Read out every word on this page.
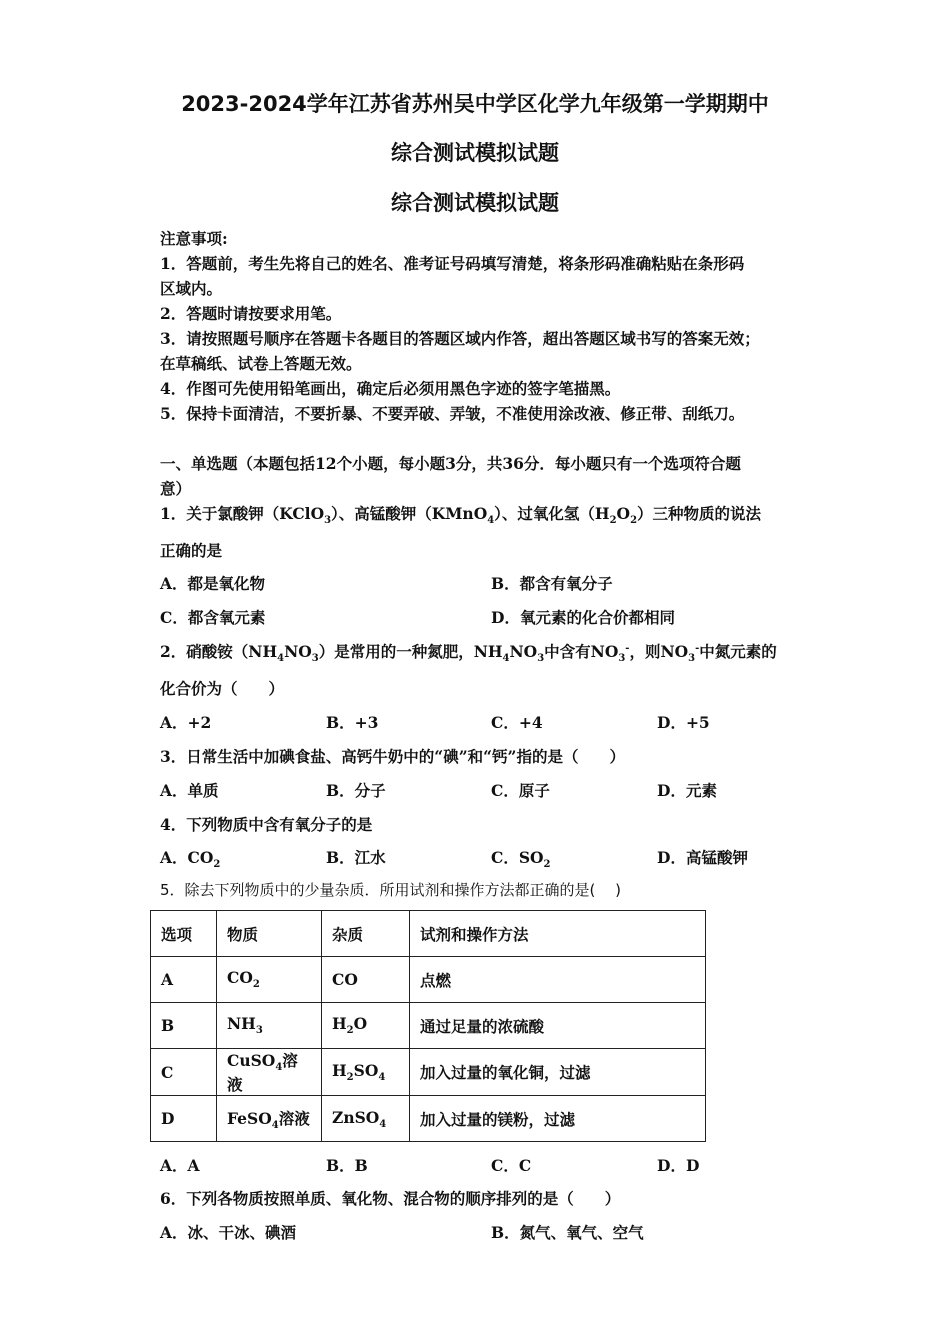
2023-2024学年江苏省苏州吴中学区化学九年级第一学期期中
综合测试模拟试题
综合测试模拟试题
注意事项:
1．答题前，考生先将自己的姓名、准考证号码填写清楚，将条形码准确粘贴在条形码
区域内。
2．答题时请按要求用笔。
3．请按照题号顺序在答题卡各题目的答题区域内作答，超出答题区域书写的答案无效；
在草稿纸、试卷上答题无效。
4．作图可先使用铅笔画出，确定后必须用黑色字迹的签字笔描黑。
5．保持卡面清洁，不要折暴、不要弄破、弄皱，不准使用涂改液、修正带、刮纸刀。
一、单选题（本题包括12个小题，每小题3分，共36分．每小题只有一个选项符合题
意）
1．关于氯酸钾（KClO$_3$）、高锰酸钾（KMnO$_4$）、过氧化氢$(H_2O_2)$三种物质的说法
正确的是
A．都是氧化物	B．都含有氧分子
C．都含氧元素	D．氧元素的化合价都相同
2．硝酸铵$(NH_4NO_3)$是常用的一种氮肥，$NH_4NO_3$中含有$NO_3^-$，则$NO_3^-$中氮元素的
化合价为（　　）
A．+2	B．+3	C．+4	D．+5
3．日常生活中加碘食盐、高钙牛奶中的“碘”和“钙”指的是（　　）
A．单质	B．分子	C．原子	D．元素
4．下列物质中含有氧分子的是
A．$CO_2$	B．江水	C．$SO_2$	D．高锰酸钾
5．除去下列物质中的少量杂质．所用试剂和操作方法都正确的是(　 )
选项	物质	杂质	试剂和操作方法
A	$CO_2$	CO	点燃
B	$NH_3$	$H_2O$	通过足量的浓硫酸
C	CuSO$_4$溶液	$H_2SO_4$	加入过量的氧化铜，过滤
D	FeSO$_4$溶液	ZnSO$_4$	加入过量的镁粉，过滤
A．A	B．B	C．C	D．D
6．下列各物质按照单质、氧化物、混合物的顺序排列的是（　　）
A．冰、干冰、碘酒	B．氮气、氧气、空气
